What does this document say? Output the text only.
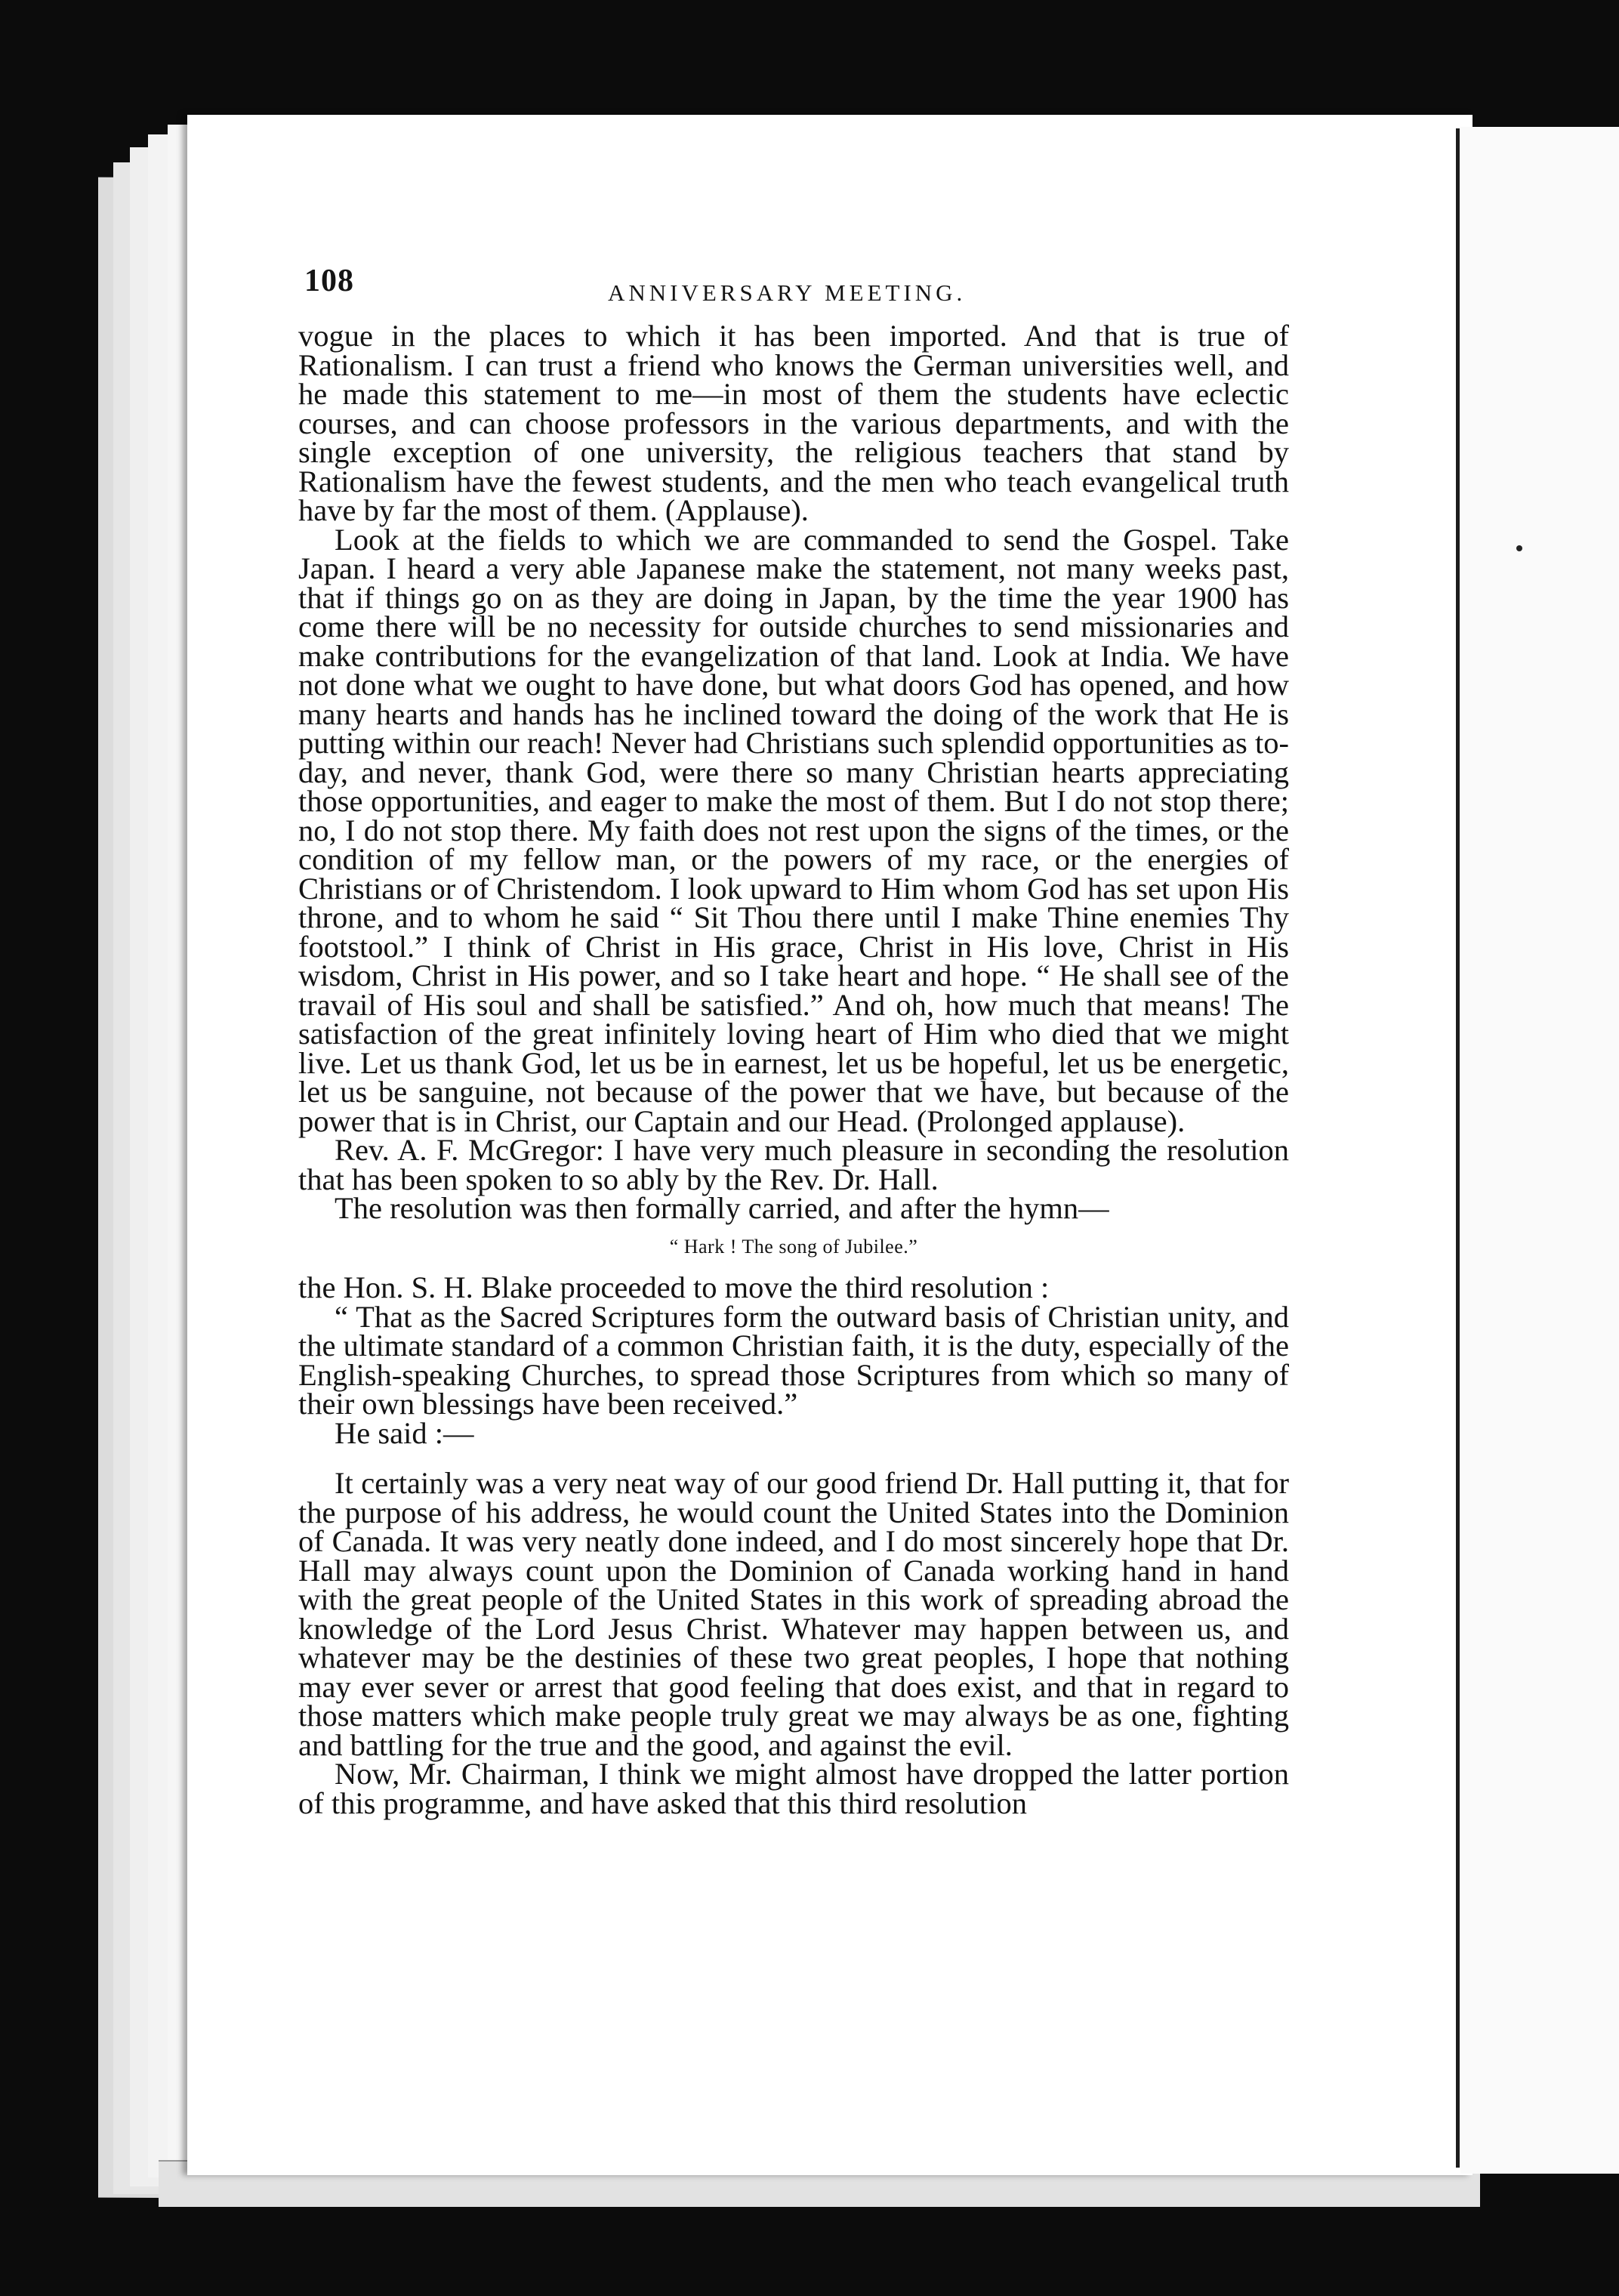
108	ANNIVERSARY MEETING.

vogue in the places to which it has been imported. And that is true of Rationalism. I can trust a friend who knows the German universities well, and he made this statement to me—in most of them the students have eclectic courses, and can choose professors in the various departments, and with the single exception of one university, the religious teachers that stand by Rationalism have the fewest students, and the men who teach evangelical truth have by far the most of them. (Applause).

Look at the fields to which we are commanded to send the Gospel. Take Japan. I heard a very able Japanese make the statement, not many weeks past, that if things go on as they are doing in Japan, by the time the year 1900 has come there will be no necessity for outside churches to send missionaries and make contributions for the evangelization of that land. Look at India. We have not done what we ought to have done, but what doors God has opened, and how many hearts and hands has he inclined toward the doing of the work that He is putting within our reach! Never had Christians such splendid opportunities as to-day, and never, thank God, were there so many Christian hearts appreciating those opportunities, and eager to make the most of them. But I do not stop there; no, I do not stop there. My faith does not rest upon the signs of the times, or the condition of my fellow man, or the powers of my race, or the energies of Christians or of Christendom. I look upward to Him whom God has set upon His throne, and to whom he said “ Sit Thou there until I make Thine enemies Thy footstool.” I think of Christ in His grace, Christ in His love, Christ in His wisdom, Christ in His power, and so I take heart and hope. “ He shall see of the travail of His soul and shall be satisfied.” And oh, how much that means! The satisfaction of the great infinitely loving heart of Him who died that we might live. Let us thank God, let us be in earnest, let us be hopeful, let us be energetic, let us be sanguine, not because of the power that we have, but because of the power that is in Christ, our Captain and our Head. (Prolonged applause).

Rev. A. F. McGregor: I have very much pleasure in seconding the resolution that has been spoken to so ably by the Rev. Dr. Hall.

The resolution was then formally carried, and after the hymn—

“ Hark ! The song of Jubilee.”

the Hon. S. H. Blake proceeded to move the third resolution :

“ That as the Sacred Scriptures form the outward basis of Christian unity, and the ultimate standard of a common Christian faith, it is the duty, especially of the English-speaking Churches, to spread those Scriptures from which so many of their own blessings have been received.”

He said :—

It certainly was a very neat way of our good friend Dr. Hall putting it, that for the purpose of his address, he would count the United States into the Dominion of Canada. It was very neatly done indeed, and I do most sincerely hope that Dr. Hall may always count upon the Dominion of Canada working hand in hand with the great people of the United States in this work of spreading abroad the knowledge of the Lord Jesus Christ. Whatever may happen between us, and whatever may be the destinies of these two great peoples, I hope that nothing may ever sever or arrest that good feeling that does exist, and that in regard to those matters which make people truly great we may always be as one, fighting and battling for the true and the good, and against the evil.

Now, Mr. Chairman, I think we might almost have dropped the latter portion of this programme, and have asked that this third resolution
